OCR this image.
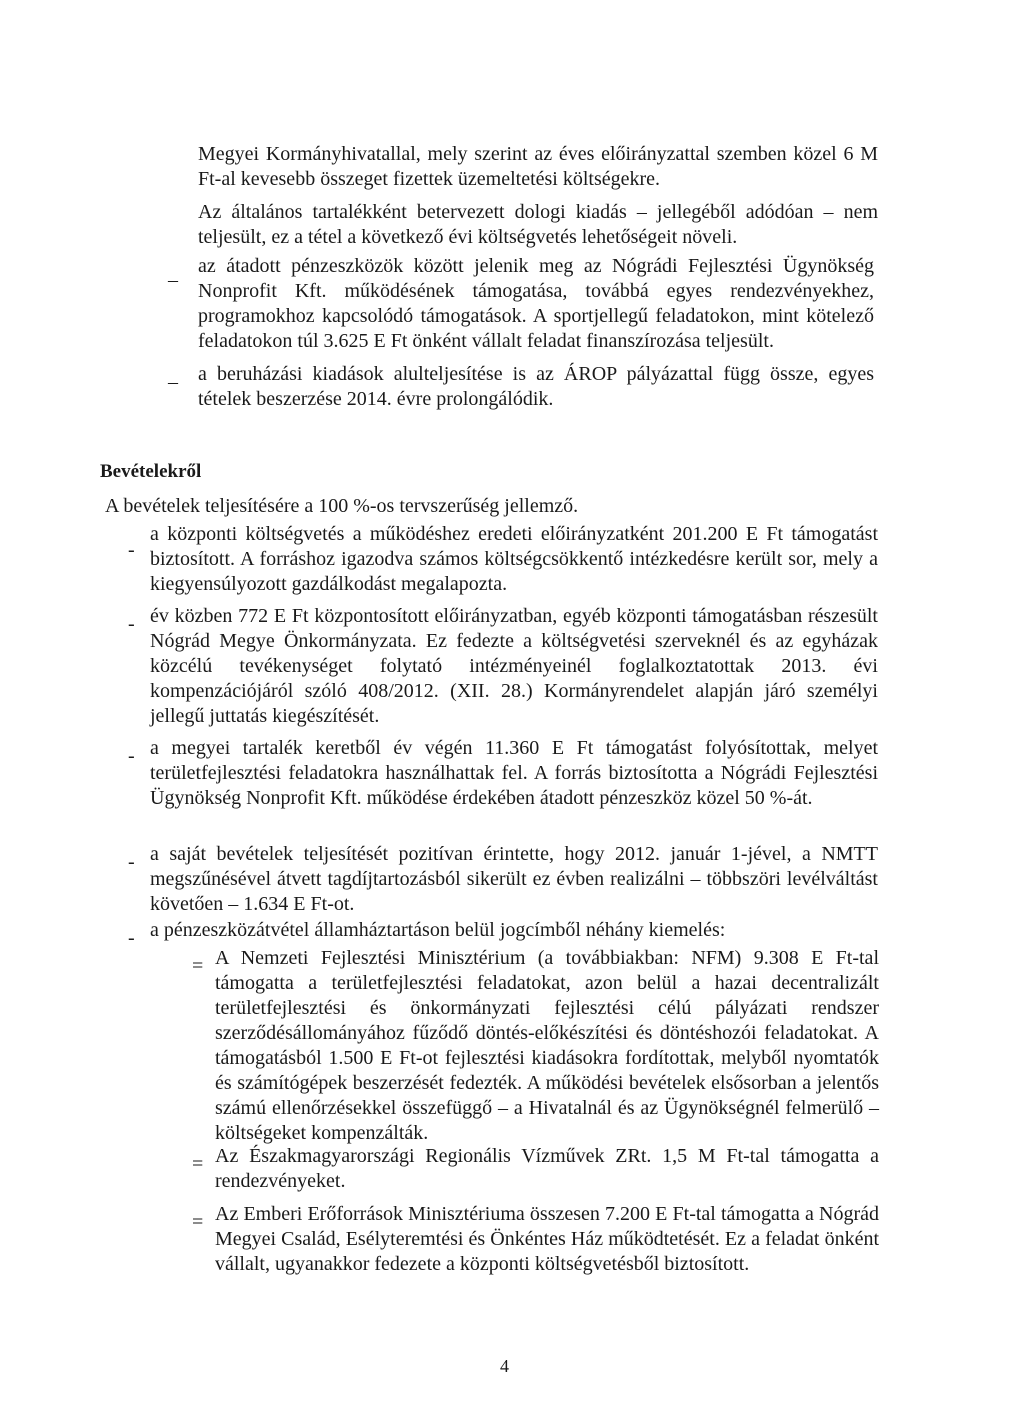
Megyei Kormányhivatallal, mely szerint az éves előirányzattal szemben közel 6 M Ft-al kevesebb összeget fizettek üzemeltetési költségekre.
Az általános tartalékként betervezett dologi kiadás – jellegéből adódóan – nem teljesült, ez a tétel a következő évi költségvetés lehetőségeit növeli.
–
az átadott pénzeszközök között jelenik meg az Nógrádi Fejlesztési Ügynökség Nonprofit Kft. működésének támogatása, továbbá egyes rendezvényekhez, programokhoz kapcsolódó támogatások. A sportjellegű feladatokon, mint kötelező feladatokon túl 3.625 E Ft önként vállalt feladat finanszírozása teljesült.
–	a beruházási kiadások alulteljesítése is az ÁROP pályázattal függ össze, egyes tételek beszerzése 2014. évre prolongálódik.
Bevételekről
A bevételek teljesítésére a 100 %-os tervszerűség jellemző.
-
a központi költségvetés a működéshez eredeti előirányzatként 201.200 E Ft támogatást biztosított. A forráshoz igazodva számos költségcsökkentő intézkedésre került sor, mely a kiegyensúlyozott gazdálkodást megalapozta.
- év közben 772 E Ft központosított előirányzatban, egyéb központi támogatásban részesült Nógrád Megye Önkormányzata. Ez fedezte a költségvetési szerveknél és az egyházak közcélú tevékenységet folytató intézményeinél foglalkoztatottak 2013. évi kompenzációjáról szóló 408/2012. (XII. 28.) Kormányrendelet alapján járó személyi jellegű juttatás kiegészítését.
- a megyei tartalék keretből év végén 11.360 E Ft támogatást folyósítottak, melyet területfejlesztési feladatokra használhattak fel. A forrás biztosította a Nógrádi Fejlesztési Ügynökség Nonprofit Kft. működése érdekében átadott pénzeszköz közel 50 %-át.
- a saját bevételek teljesítését pozitívan érintette, hogy 2012. január 1-jével, a NMTT megszűnésével átvett tagdíjtartozásból sikerült ez évben realizálni – többszöri levélváltást követően – 1.634 E Ft-ot.
- a pénzeszközátvétel államháztartáson belül jogcímből néhány kiemelés:
= A Nemzeti Fejlesztési Minisztérium (a továbbiakban: NFM) 9.308 E Ft-tal támogatta a területfejlesztési feladatokat, azon belül a hazai decentralizált területfejlesztési és önkormányzati fejlesztési célú pályázati rendszer szerződésállományához fűződő döntés-előkészítési és döntéshozói feladatokat. A támogatásból 1.500 E Ft-ot fejlesztési kiadásokra fordítottak, melyből nyomtatók és számítógépek beszerzését fedezték. A működési bevételek elsősorban a jelentős számú ellenőrzésekkel összefüggő – a Hivatalnál és az Ügynökségnél felmerülő – költségeket kompenzálták.
= Az Északmagyarországi Regionális Vízművek ZRt. 1,5 M Ft-tal támogatta a rendezvényeket.
= Az Emberi Erőforrások Minisztériuma összesen 7.200 E Ft-tal támogatta a Nógrád Megyei Család, Esélyteremtési és Önkéntes Ház működtetését. Ez a feladat önként vállalt, ugyanakkor fedezete a központi költségvetésből biztosított.
4
